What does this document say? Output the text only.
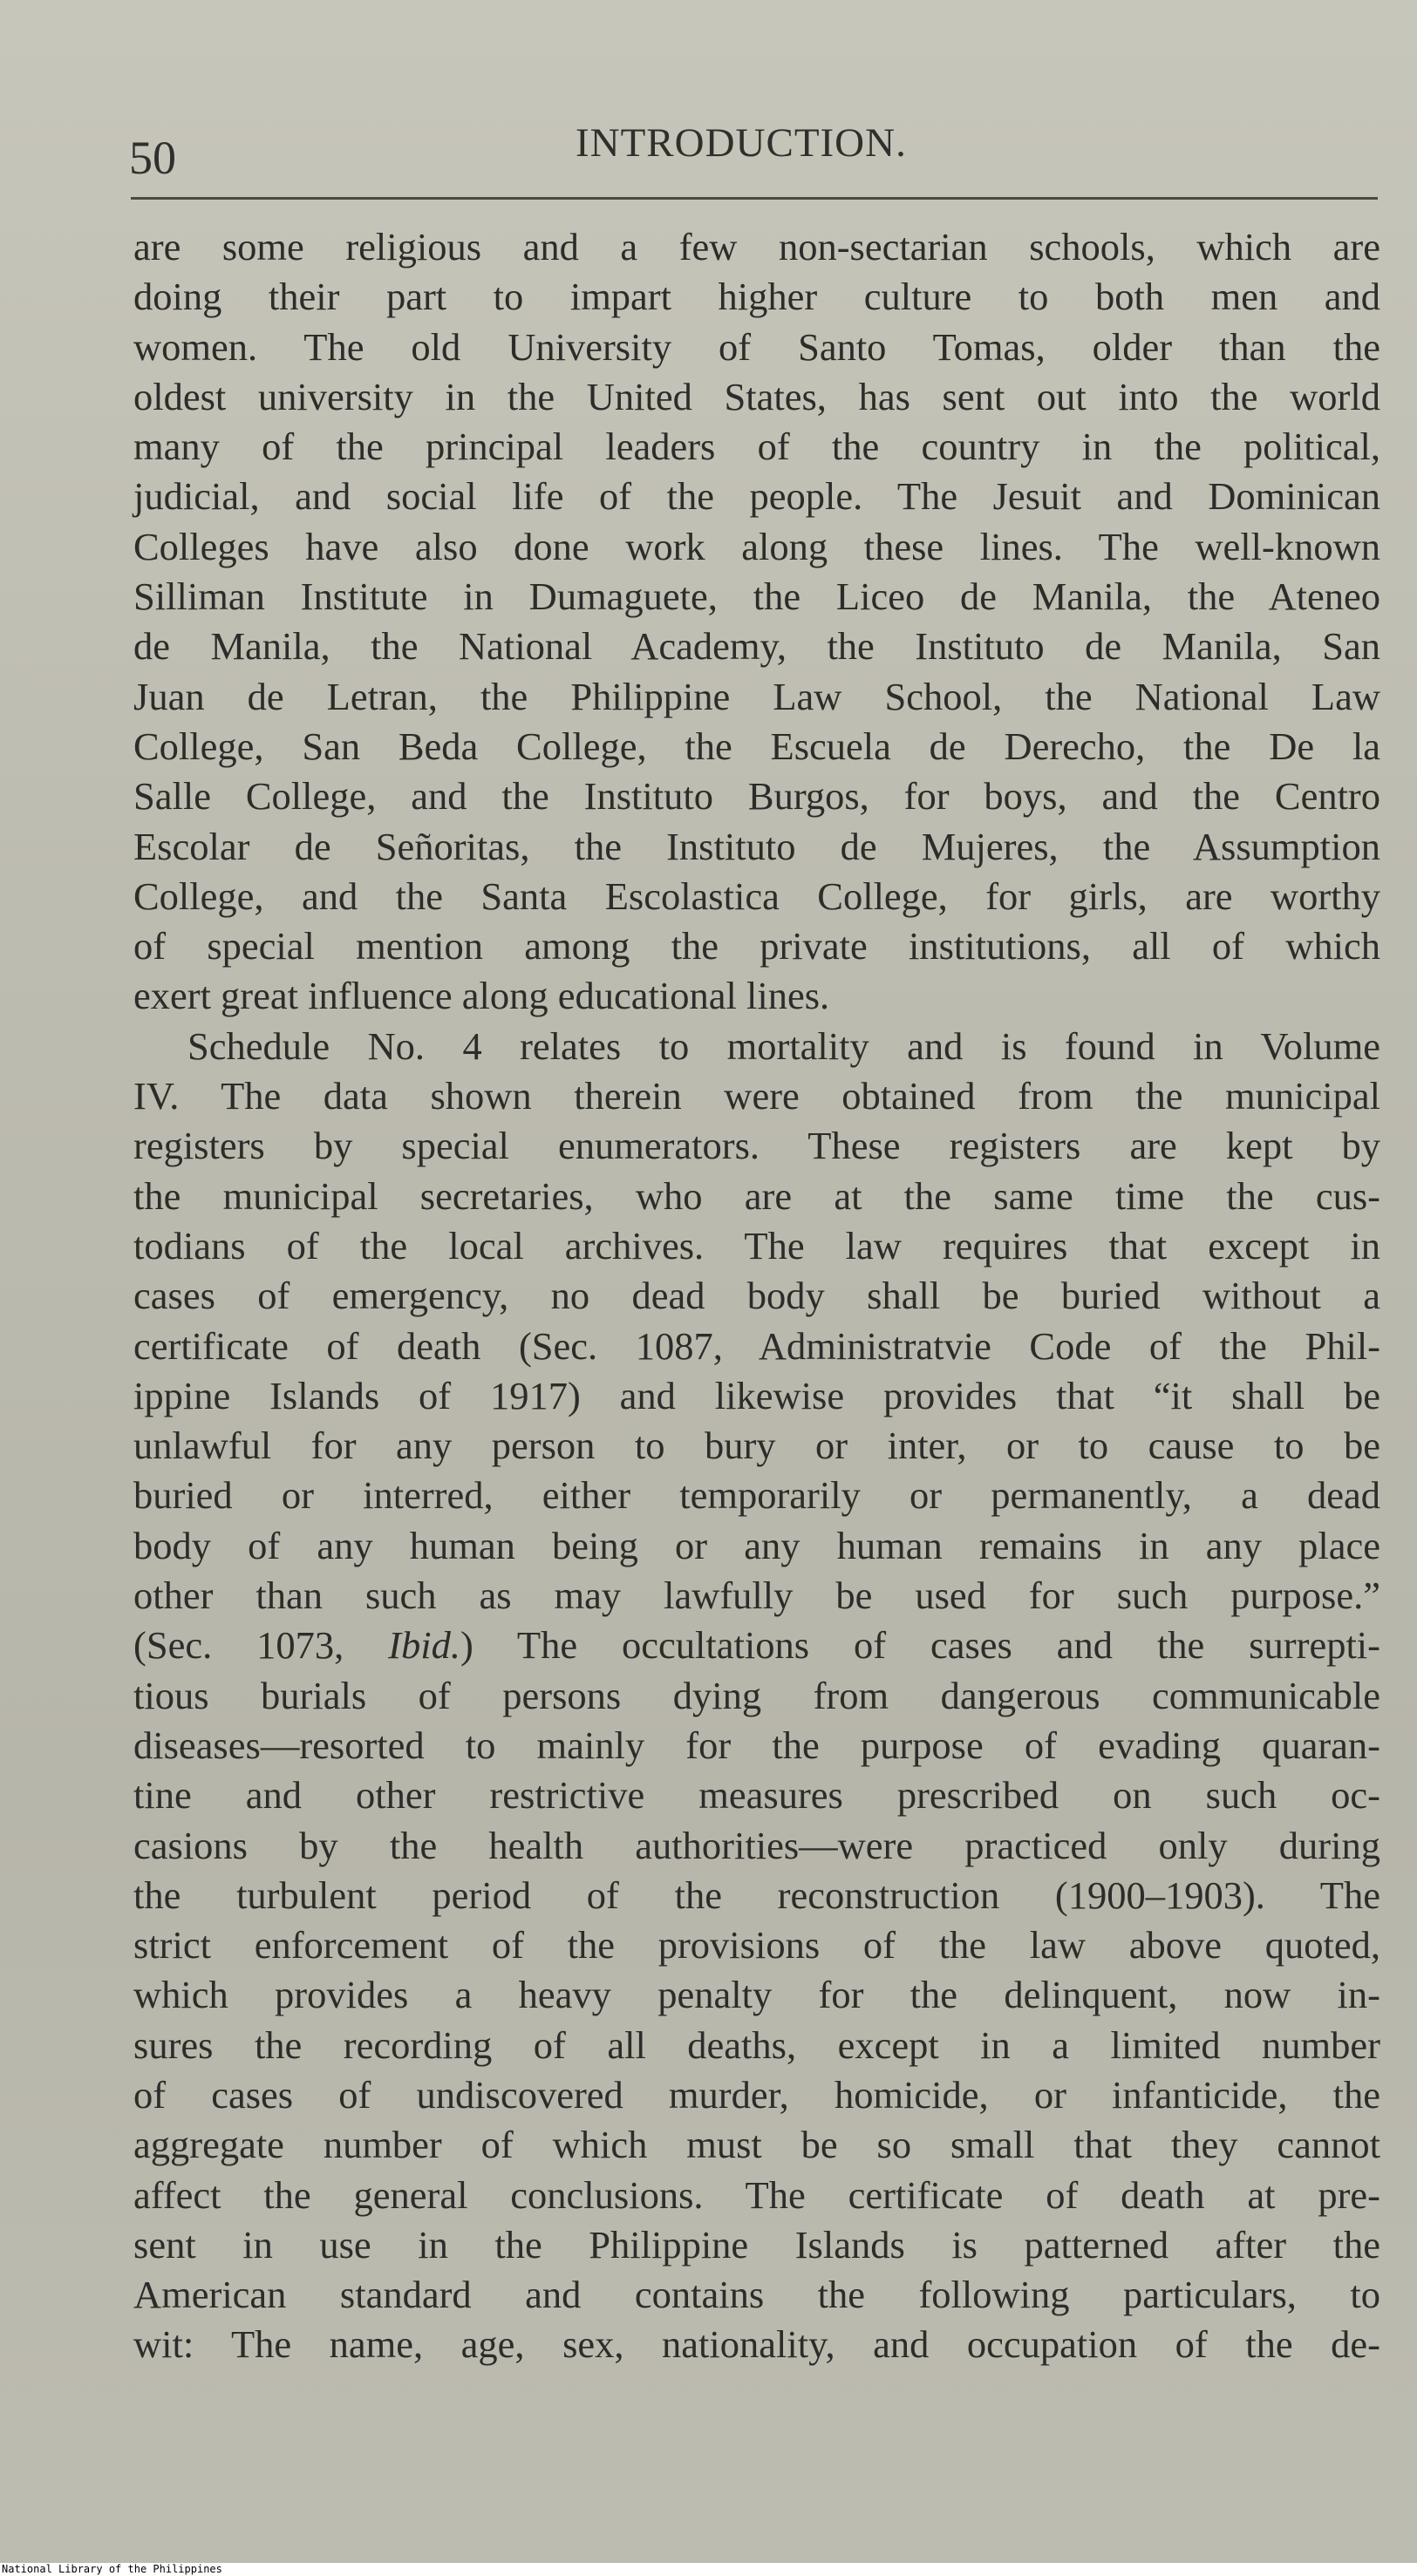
50	INTRODUCTION.

are some religious and a few non-sectarian schools, which are
doing their part to impart higher culture to both men and
women. The old University of Santo Tomas, older than the
oldest university in the United States, has sent out into the world
many of the principal leaders of the country in the political,
judicial, and social life of the people. The Jesuit and Dominican
Colleges have also done work along these lines. The well-known
Silliman Institute in Dumaguete, the Liceo de Manila, the Ateneo
de Manila, the National Academy, the Instituto de Manila, San
Juan de Letran, the Philippine Law School, the National Law
College, San Beda College, the Escuela de Derecho, the De la
Salle College, and the Instituto Burgos, for boys, and the Centro
Escolar de Señoritas, the Instituto de Mujeres, the Assumption
College, and the Santa Escolastica College, for girls, are worthy
of special mention among the private institutions, all of which
exert great influence along educational lines.
Schedule No. 4 relates to mortality and is found in Volume
IV. The data shown therein were obtained from the municipal
registers by special enumerators. These registers are kept by
the municipal secretaries, who are at the same time the cus-
todians of the local archives. The law requires that except in
cases of emergency, no dead body shall be buried without a
certificate of death (Sec. 1087, Administratvie Code of the Phil-
ippine Islands of 1917) and likewise provides that “it shall be
unlawful for any person to bury or inter, or to cause to be
buried or interred, either temporarily or permanently, a dead
body of any human being or any human remains in any place
other than such as may lawfully be used for such purpose.”
(Sec. 1073, Ibid.) The occultations of cases and the surrepti-
tious burials of persons dying from dangerous communicable
diseases—resorted to mainly for the purpose of evading quaran-
tine and other restrictive measures prescribed on such oc-
casions by the health authorities—were practiced only during
the turbulent period of the reconstruction (1900–1903). The
strict enforcement of the provisions of the law above quoted,
which provides a heavy penalty for the delinquent, now in-
sures the recording of all deaths, except in a limited number
of cases of undiscovered murder, homicide, or infanticide, the
aggregate number of which must be so small that they cannot
affect the general conclusions. The certificate of death at pre-
sent in use in the Philippine Islands is patterned after the
American standard and contains the following particulars, to
wit: The name, age, sex, nationality, and occupation of the de-

National Library of the Philippines
